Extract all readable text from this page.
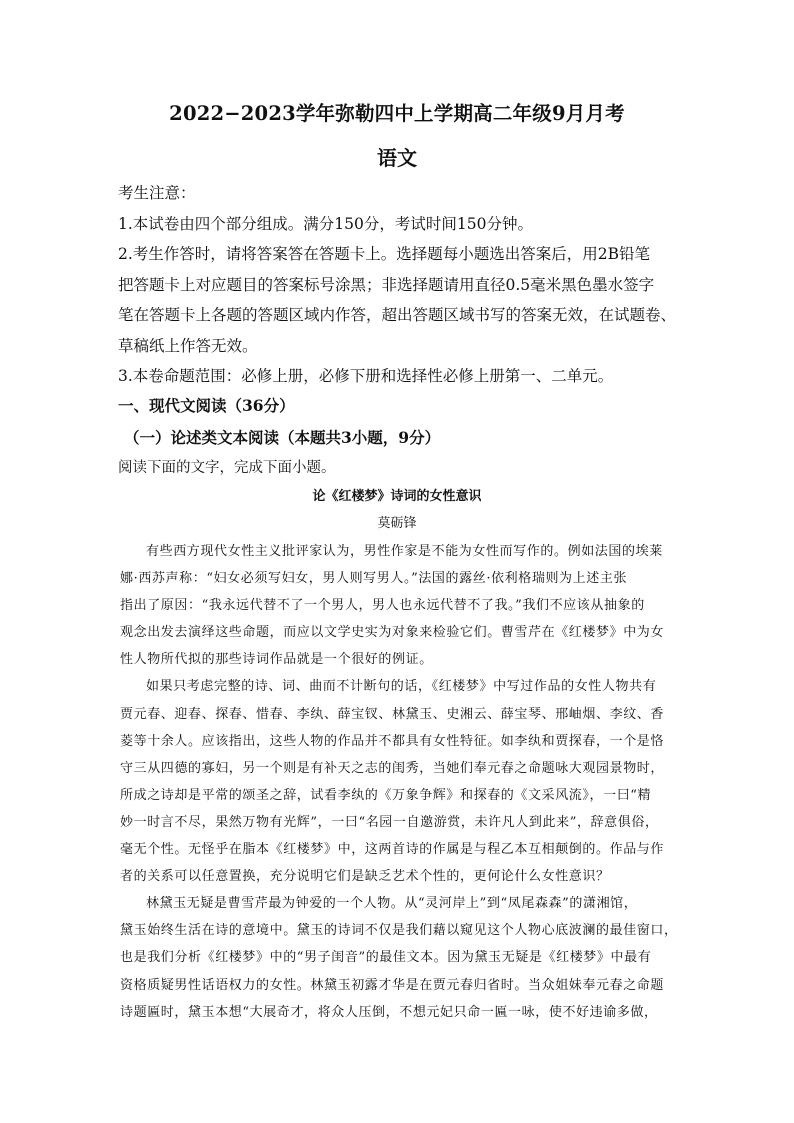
2022−2023学年弥勒四中上学期高二年级9月月考
语文

考生注意：

1.本试卷由四个部分组成。满分150分，考试时间150分钟。

2.考生作答时，请将答案答在答题卡上。选择题每小题选出答案后，用2B铅笔

把答题卡上对应题目的答案标号涂黑；非选择题请用直径0.5毫米黑色墨水签字

笔在答题卡上各题的答题区域内作答，超出答题区域书写的答案无效，在试题卷、

草稿纸上作答无效。

3.本卷命题范围：必修上册，必修下册和选择性必修上册第一、二单元。

一、现代文阅读（36分）
（一）论述类文本阅读（本题共3小题，9分）
阅读下面的文字，完成下面小题。
论《红楼梦》诗词的女性意识
莫砺锋
有些西方现代女性主义批评家认为，男性作家是不能为女性而写作的。例如法国的埃莱
娜·西苏声称：“妇女必须写妇女，男人则写男人。”法国的露丝·依利格瑞则为上述主张
指出了原因：“我永远代替不了一个男人，男人也永远代替不了我。”我们不应该从抽象的
观念出发去演绎这些命题，而应以文学史实为对象来检验它们。曹雪芹在《红楼梦》中为女
性人物所代拟的那些诗词作品就是一个很好的例证。
如果只考虑完整的诗、词、曲而不计断句的话，《红楼梦》中写过作品的女性人物共有
贾元春、迎春、探春、惜春、李纨、薛宝钗、林黛玉、史湘云、薛宝琴、邢岫烟、李纹、香
菱等十余人。应该指出，这些人物的作品并不都具有女性特征。如李纨和贾探春，一个是恪
守三从四德的寡妇，另一个则是有补天之志的闺秀，当她们奉元春之命题咏大观园景物时，
所成之诗却是平常的颂圣之辞，试看李纨的《万象争辉》和探春的《文采风流》，一曰“精
妙一时言不尽，果然万物有光辉”，一曰“名园一自邀游赏，未许凡人到此来”，辞意俱俗，
毫无个性。无怪乎在脂本《红楼梦》中，这两首诗的作属是与程乙本互相颠倒的。作品与作
者的关系可以任意置换，充分说明它们是缺乏艺术个性的，更何论什么女性意识？
林黛玉无疑是曹雪芹最为钟爱的一个人物。从“灵河岸上”到“凤尾森森”的潇湘馆，
黛玉始终生活在诗的意境中。黛玉的诗词不仅是我们藉以窥见这个人物心底波澜的最佳窗口，
也是我们分析《红楼梦》中的“男子闺音”的最佳文本。因为黛玉无疑是《红楼梦》中最有
资格质疑男性话语权力的女性。林黛玉初露才华是在贾元春归省时。当众姐妹奉元春之命题
诗题匾时，黛玉本想“大展奇才，将众人压倒，不想元妃只命一匾一咏，使不好违谕多做，
